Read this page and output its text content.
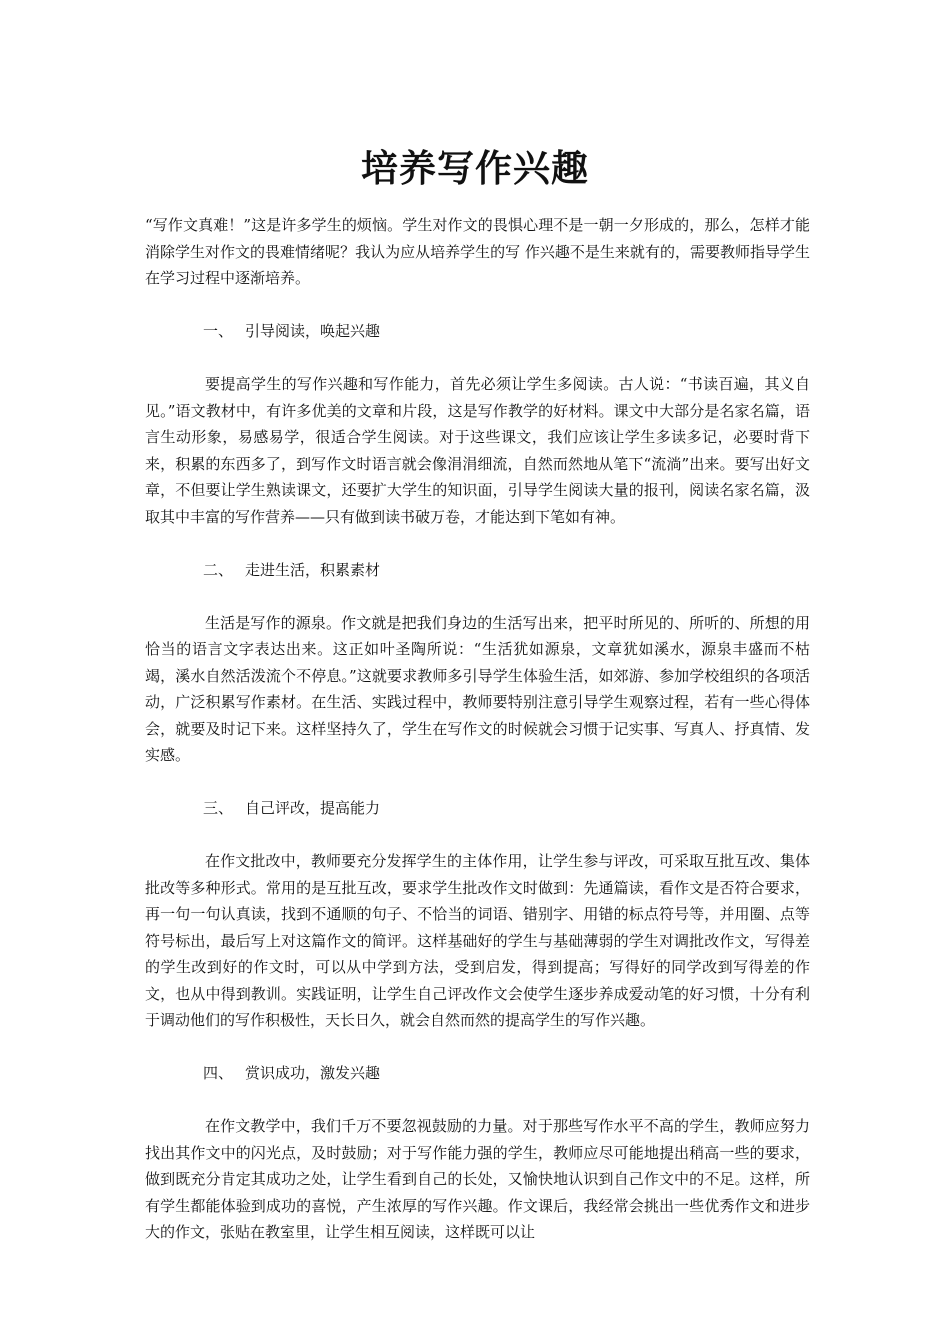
培养写作兴趣

“写作文真难！”这是许多学生的烦恼。学生对作文的畏惧心理不是一朝一夕形成的，那么，怎样才能消除学生对作文的畏难情绪呢？我认为应从培养学生的写 作兴趣不是生来就有的，需要教师指导学生在学习过程中逐渐培养。

一、 引导阅读，唤起兴趣

要提高学生的写作兴趣和写作能力，首先必须让学生多阅读。古人说：“书读百遍，其义自见。”语文教材中，有许多优美的文章和片段，这是写作教学的好材料。课文中大部分是名家名篇，语言生动形象，易感易学，很适合学生阅读。对于这些课文，我们应该让学生多读多记，必要时背下来，积累的东西多了，到写作文时语言就会像涓涓细流，自然而然地从笔下“流淌”出来。要写出好文章，不但要让学生熟读课文，还要扩大学生的知识面，引导学生阅读大量的报刊，阅读名家名篇，汲取其中丰富的写作营养——只有做到读书破万卷，才能达到下笔如有神。

二、 走进生活，积累素材

生活是写作的源泉。作文就是把我们身边的生活写出来，把平时所见的、所听的、所想的用恰当的语言文字表达出来。这正如叶圣陶所说：“生活犹如源泉，文章犹如溪水，源泉丰盛而不枯竭，溪水自然活泼流个不停息。”这就要求教师多引导学生体验生活，如郊游、参加学校组织的各项活动，广泛积累写作素材。在生活、实践过程中，教师要特别注意引导学生观察过程，若有一些心得体会，就要及时记下来。这样坚持久了，学生在写作文的时候就会习惯于记实事、写真人、抒真情、发实感。

三、 自己评改，提高能力

在作文批改中，教师要充分发挥学生的主体作用，让学生参与评改，可采取互批互改、集体批改等多种形式。常用的是互批互改，要求学生批改作文时做到：先通篇读，看作文是否符合要求，再一句一句认真读，找到不通顺的句子、不恰当的词语、错别字、用错的标点符号等，并用圈、点等符号标出，最后写上对这篇作文的简评。这样基础好的学生与基础薄弱的学生对调批改作文，写得差的学生改到好的作文时，可以从中学到方法，受到启发，得到提高；写得好的同学改到写得差的作文，也从中得到教训。实践证明，让学生自己评改作文会使学生逐步养成爱动笔的好习惯，十分有利于调动他们的写作积极性，天长日久，就会自然而然的提高学生的写作兴趣。

四、 赏识成功，激发兴趣

在作文教学中，我们千万不要忽视鼓励的力量。对于那些写作水平不高的学生，教师应努力找出其作文中的闪光点，及时鼓励；对于写作能力强的学生，教师应尽可能地提出稍高一些的要求，做到既充分肯定其成功之处，让学生看到自己的长处，又愉快地认识到自己作文中的不足。这样，所有学生都能体验到成功的喜悦，产生浓厚的写作兴趣。作文课后，我经常会挑出一些优秀作文和进步大的作文，张贴在教室里，让学生相互阅读，这样既可以让
